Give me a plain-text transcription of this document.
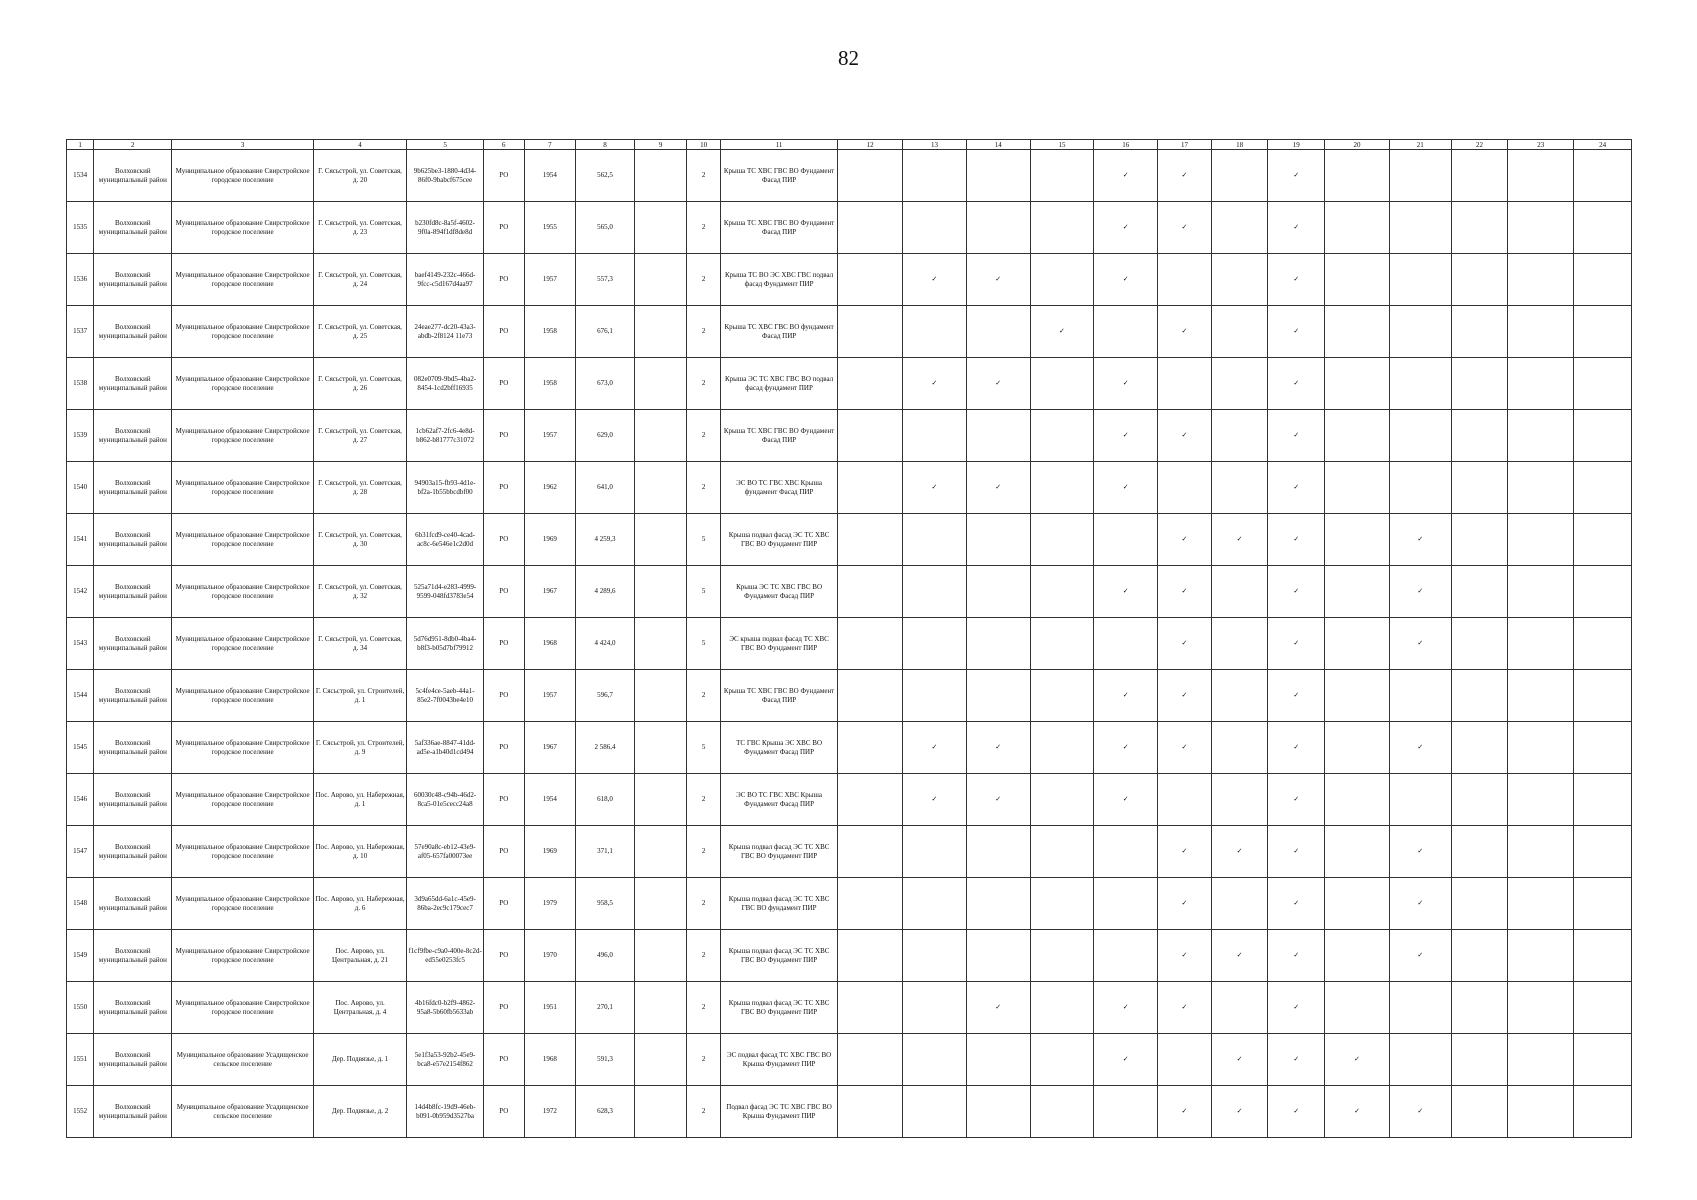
82
1	2	3	4	5	6	7	8	9	10	11	12	13	14	15	16	17	18	19	20	21	22	23	24
1534	Волховский муниципальный район	Муниципальное образование Свирстройское городское поселение	Г. Сясьстрой, ул. Советская, д. 20	9b625be3-1880-4d34-86f0-9babcf675cee	РО	1954	562,5		2	Крыша ТС ХВС ГВС ВО Фундамент Фасад ПИР					✓	✓		✓					
1535	Волховский муниципальный район	Муниципальное образование Свирстройское городское поселение	Г. Сясьстрой, ул. Советская, д. 23	b230fd8c-8a5f-4602-9f0a-894f1df8de8d	РО	1955	565,0		2	Крыша ТС ХВС ГВС ВО Фундамент Фасад ПИР					✓	✓		✓					
1536	Волховский муниципальный район	Муниципальное образование Свирстройское городское поселение	Г. Сясьстрой, ул. Советская, д. 24	baef4149-232c-466d-9fcc-c5d167d4aa97	РО	1957	557,3		2	Крыша ТС ВО ЭС ХВС ГВС подвал фасад Фундамент ПИР		✓	✓		✓			✓					
1537	Волховский муниципальный район	Муниципальное образование Свирстройское городское поселение	Г. Сясьстрой, ул. Советская, д. 25	24eae277-dc20-43a3-abdb-2f8124 11e73	РО	1958	676,1		2	Крыша ТС ХВС ГВС ВО фундамент Фасад ПИР				✓		✓		✓					
1538	Волховский муниципальный район	Муниципальное образование Свирстройское городское поселение	Г. Сясьстрой, ул. Советская, д. 26	082e0709-9bd5-4ba2-8454-1cd2bff16935	РО	1958	673,0		2	Крыша ЭС ТС ХВС ГВС ВО подвал фасад фундамент ПИР		✓	✓		✓			✓					
1539	Волховский муниципальный район	Муниципальное образование Свирстройское городское поселение	Г. Сясьстрой, ул. Советская, д. 27	1cb62af7-2fc6-4e8d-b862-b81777c31072	РО	1957	629,0		2	Крыша ТС ХВС ГВС ВО Фундамент Фасад ПИР					✓	✓		✓					
1540	Волховский муниципальный район	Муниципальное образование Свирстройское городское поселение	Г. Сясьстрой, ул. Советская, д. 28	94903a15-fb93-4d1e-bf2a-1b55bbcdbf00	РО	1962	641,0		2	ЭС ВО ТС ГВС ХВС Крыша фундамент Фасад ПИР		✓	✓		✓			✓					
1541	Волховский муниципальный район	Муниципальное образование Свирстройское городское поселение	Г. Сясьстрой, ул. Советская, д. 30	6b31fcd9-ce40-4cad-ac8c-6e546e1c2d0d	РО	1969	4 259,3		5	Крыша подвал фасад ЭС ТС ХВС ГВС ВО Фундамент ПИР						✓	✓	✓		✓			
1542	Волховский муниципальный район	Муниципальное образование Свирстройское городское поселение	Г. Сясьстрой, ул. Советская, д. 32	525a71d4-e283-4999-9599-048fd3783e54	РО	1967	4 289,6		5	Крыша ЭС ТС ХВС ГВС ВО Фундамент Фасад ПИР					✓	✓		✓		✓			
1543	Волховский муниципальный район	Муниципальное образование Свирстройское городское поселение	Г. Сясьстрой, ул. Советская, д. 34	5d76d951-8db0-4ba4-b8f3-b05d7bf79912	РО	1968	4 424,0		5	ЭС крыша подвал фасад ТС ХВС ГВС ВО Фундамент ПИР						✓		✓		✓			
1544	Волховский муниципальный район	Муниципальное образование Свирстройское городское поселение	Г. Сясьстрой, ул. Строителей, д. 1	5c4fe4ce-5aeb-44a1-85e2-7f0043be4e10	РО	1957	596,7		2	Крыша ТС ХВС ГВС ВО Фундамент Фасад ПИР					✓	✓		✓					
1545	Волховский муниципальный район	Муниципальное образование Свирстройское городское поселение	Г. Сясьстрой, ул. Строителей, д. 9	5af336ae-8847-41dd-ad5e-a1b40d1cd494	РО	1967	2 586,4		5	ТС ГВС Крыша ЭС ХВС ВО Фундамент Фасад ПИР		✓	✓		✓	✓		✓		✓			
1546	Волховский муниципальный район	Муниципальное образование Свирстройское городское поселение	Пос. Аврово, ул. Набережная, д. 1	60030c48-c94b-46d2-8ca5-01e5cecc24a8	РО	1954	618,0		2	ЭС ВО ТС ГВС ХВС Крыша Фундамент Фасад ПИР		✓	✓		✓			✓					
1547	Волховский муниципальный район	Муниципальное образование Свирстройское городское поселение	Пос. Аврово, ул. Набережная, д. 10	57e90a8c-eb12-43e9-af05-657fa00073ee	РО	1969	371,1		2	Крыша подвал фасад ЭС ТС ХВС ГВС ВО Фундамент ПИР						✓	✓	✓		✓			
1548	Волховский муниципальный район	Муниципальное образование Свирстройское городское поселение	Пос. Аврово, ул. Набережная, д. 6	3d9a65dd-6a1c-45e9-86ba-2ec9c179cec7	РО	1979	958,5		2	Крыша подвал фасад ЭС ТС ХВС ГВС ВО фундамент ПИР						✓		✓		✓			
1549	Волховский муниципальный район	Муниципальное образование Свирстройское городское поселение	Пос. Аврово, ул. Центральная, д. 21	f1cf9fbe-c9a0-400e-8c2d-ed55e0253fc5	РО	1970	496,0		2	Крыша подвал фасад ЭС ТС ХВС ГВС ВО Фундамент ПИР						✓	✓	✓		✓			
1550	Волховский муниципальный район	Муниципальное образование Свирстройское городское поселение	Пос. Аврово, ул. Центральная, д. 4	4b16fdc0-b2f9-4862-95a8-5b60fb5633ab	РО	1951	270,1		2	Крыша подвал фасад ЭС ТС ХВС ГВС ВО Фундамент ПИР			✓		✓	✓		✓					
1551	Волховский муниципальный район	Муниципальное образование Усадищенское сельское поселение	Дер. Подвязье, д. 1	5e1f3a53-92b2-45e9-bca8-e57e2154f862	РО	1968	591,3		2	ЭС подвал фасад ТС ХВС ГВС ВО Крыша Фундамент ПИР					✓		✓	✓	✓				
1552	Волховский муниципальный район	Муниципальное образование Усадищенское сельское поселение	Дер. Подвязье, д. 2	14d4b8fc-19d9-46eb-b091-0b959d3527ba	РО	1972	628,3		2	Подвал фасад ЭС ТС ХВС ГВС ВО Крыша Фундамент ПИР						✓	✓	✓	✓	✓			
